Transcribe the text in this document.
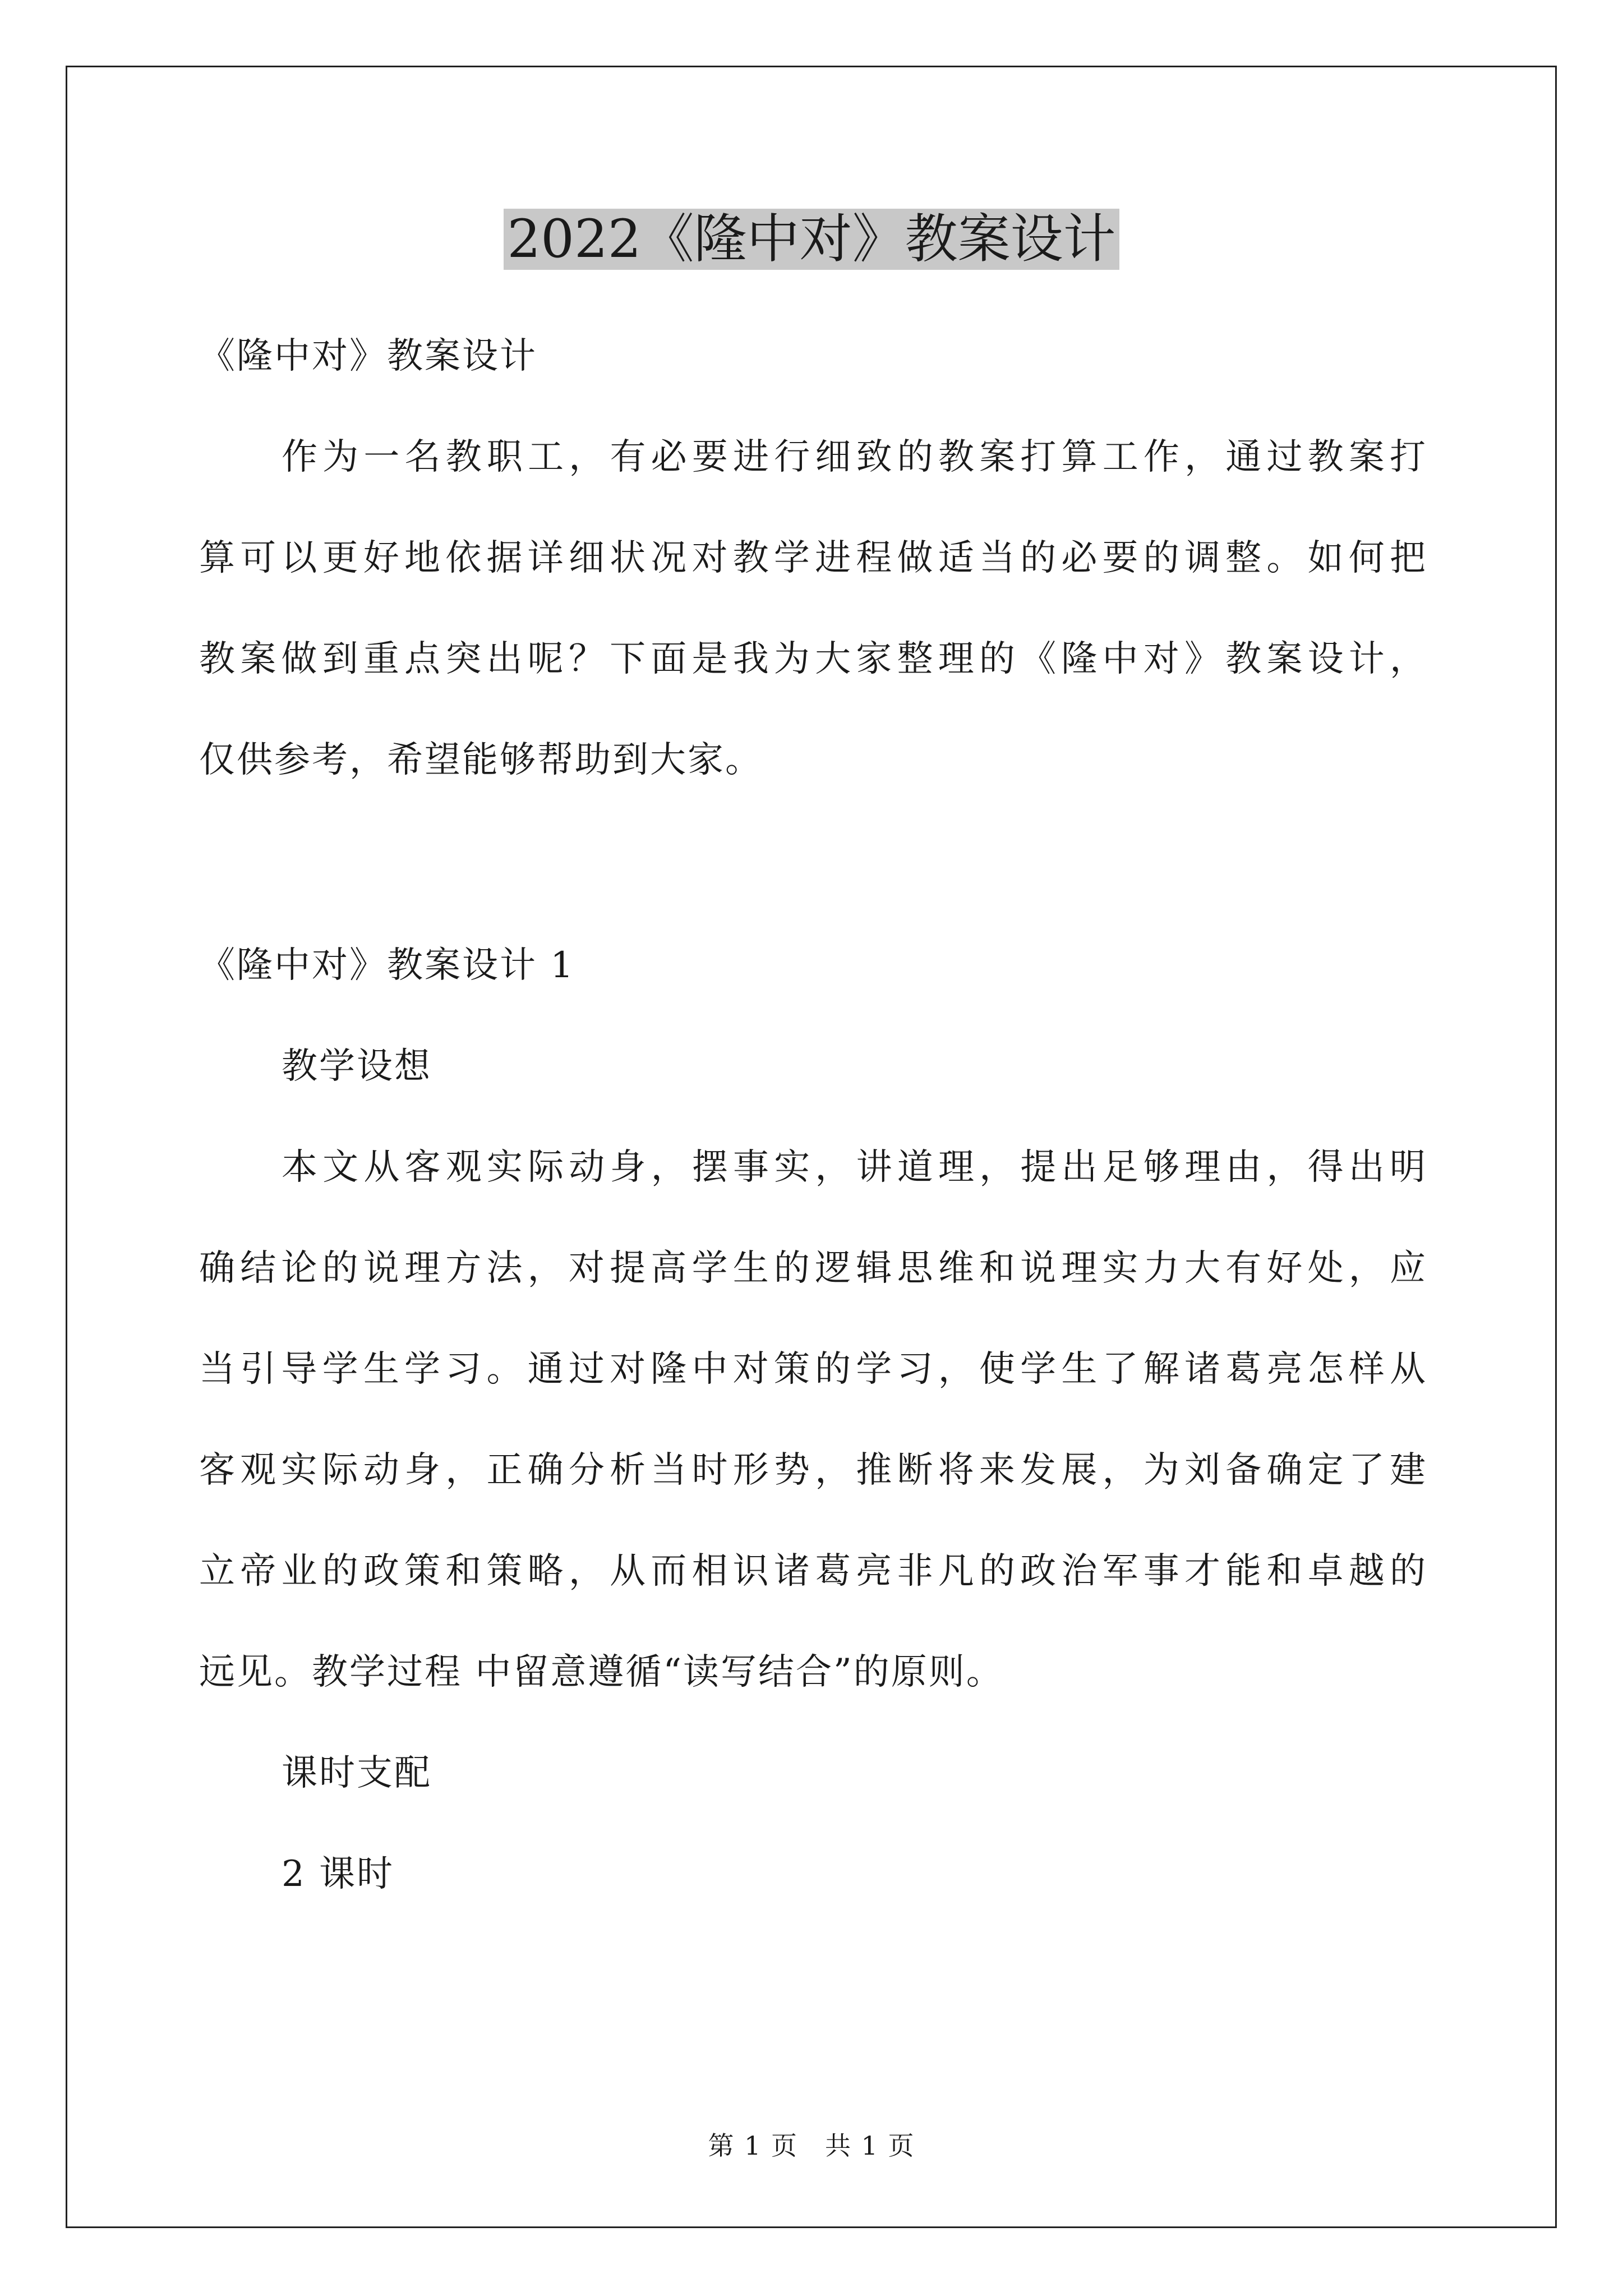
2022《隆中对》教案设计
《隆中对》教案设计
作为一名教职工，有必要进行细致的教案打算工作，通过教案打
算可以更好地依据详细状况对教学进程做适当的必要的调整。如何把
教案做到重点突出呢？下面是我为大家整理的《隆中对》教案设计，
仅供参考，希望能够帮助到大家。
《隆中对》教案设计 1
教学设想
本文从客观实际动身，摆事实，讲道理，提出足够理由，得出明
确结论的说理方法，对提高学生的逻辑思维和说理实力大有好处，应
当引导学生学习。通过对隆中对策的学习，使学生了解诸葛亮怎样从
客观实际动身，正确分析当时形势，推断将来发展，为刘备确定了建
立帝业的政策和策略，从而相识诸葛亮非凡的政治军事才能和卓越的
远见。教学过程 中留意遵循“读写结合”的原则。
课时支配
2 课时
第 1 页　共 1 页
